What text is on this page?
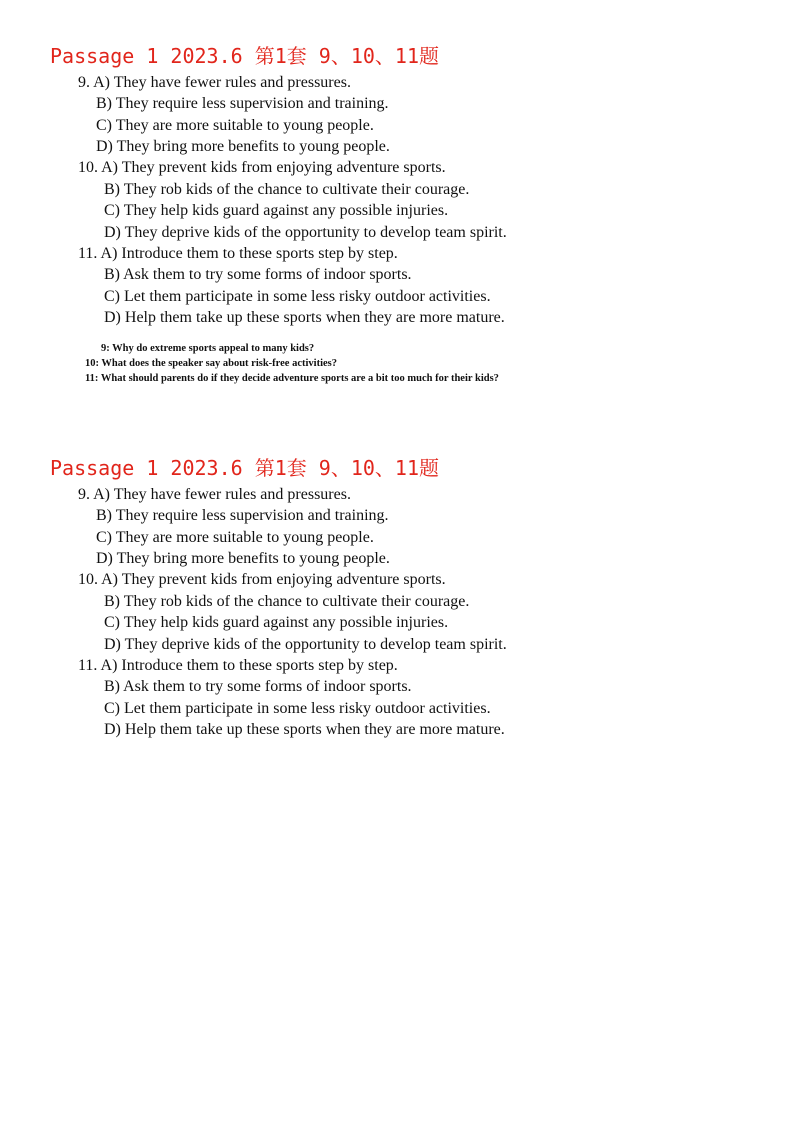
Passage 1 2023.6 第1套 9、10、11题
9. A) They have fewer rules and pressures.
B) They require less supervision and training.
C) They are more suitable to young people.
D) They bring more benefits to young people.
10. A) They prevent kids from enjoying adventure sports.
B) They rob kids of the chance to cultivate their courage.
C) They help kids guard against any possible injuries.
D) They deprive kids of the opportunity to develop team spirit.
11. A) Introduce them to these sports step by step.
B) Ask them to try some forms of indoor sports.
C) Let them participate in some less risky outdoor activities.
D) Help them take up these sports when they are more mature.
9: Why do extreme sports appeal to many kids?
10: What does the speaker say about risk-free activities?
11: What should parents do if they decide adventure sports are a bit too much for their kids?
Passage 1 2023.6 第1套 9、10、11题
9. A) They have fewer rules and pressures.
B) They require less supervision and training.
C) They are more suitable to young people.
D) They bring more benefits to young people.
10. A) They prevent kids from enjoying adventure sports.
B) They rob kids of the chance to cultivate their courage.
C) They help kids guard against any possible injuries.
D) They deprive kids of the opportunity to develop team spirit.
11. A) Introduce them to these sports step by step.
B) Ask them to try some forms of indoor sports.
C) Let them participate in some less risky outdoor activities.
D) Help them take up these sports when they are more mature.
